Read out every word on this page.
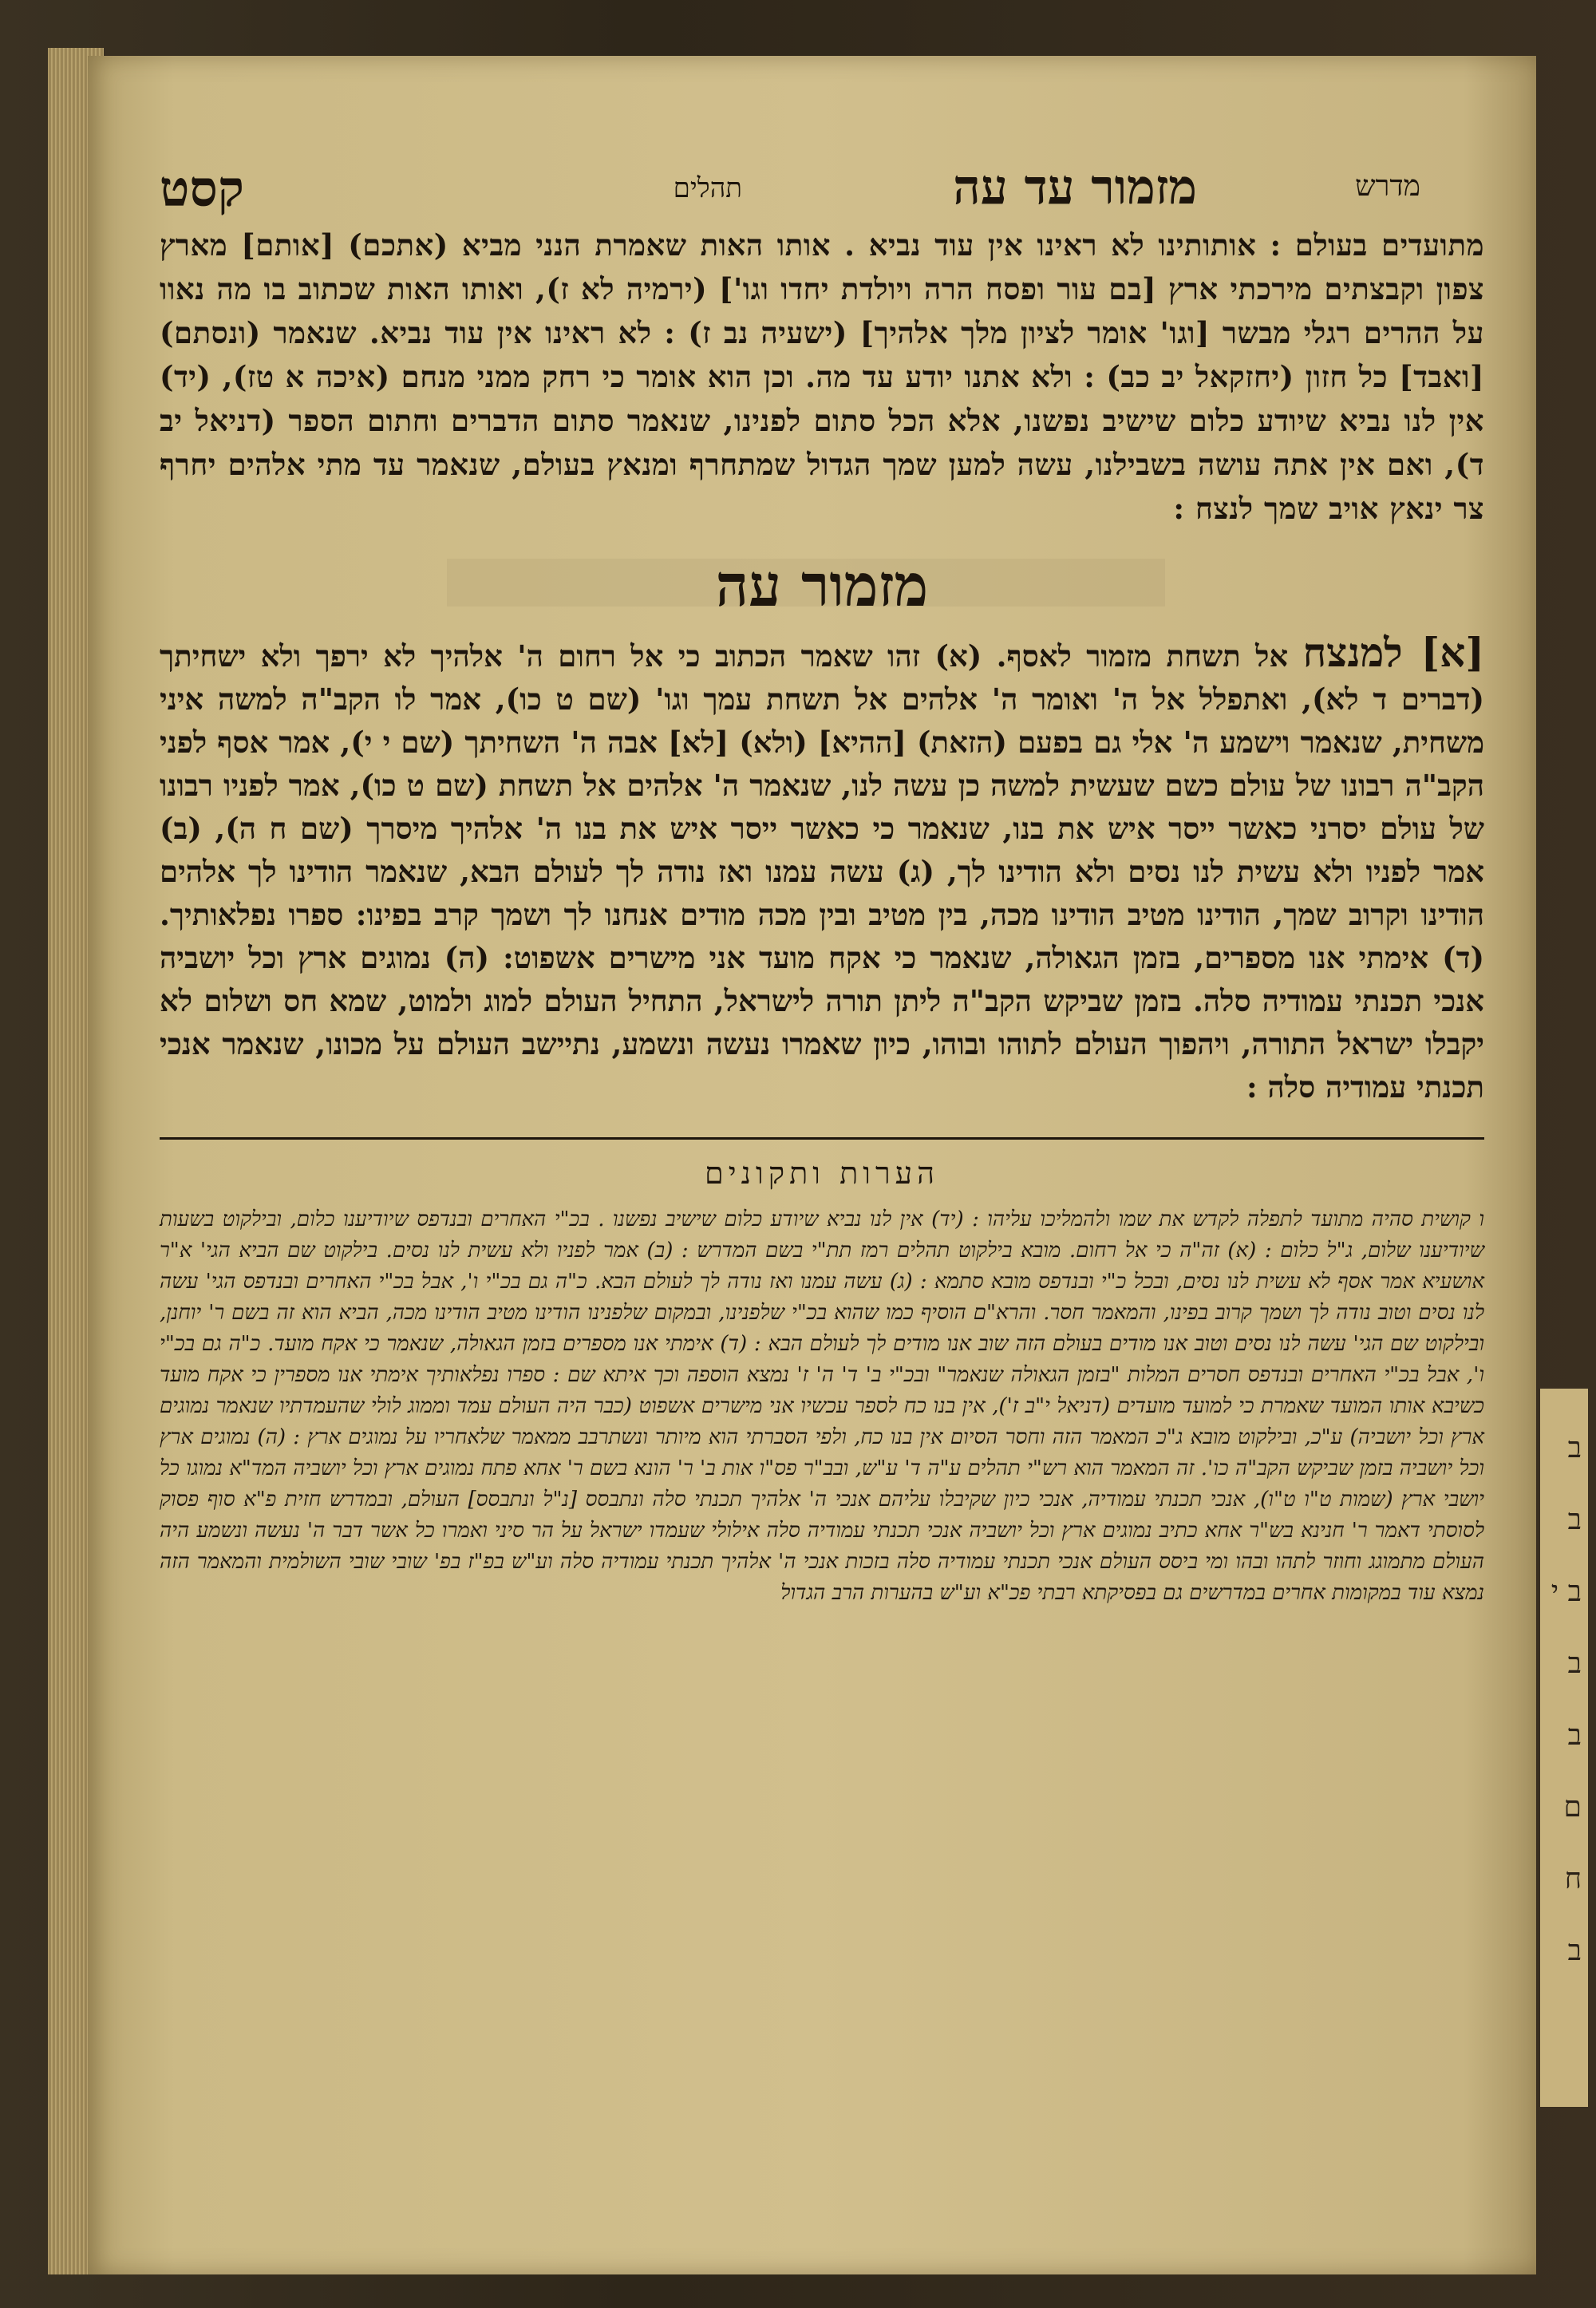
ב ב ב י ב ב ם ח ב
מדרש
מזמור עד עה
תהלים
קסט
מתועדים בעולם : אותותינו לא ראינו אין עוד נביא . אותו האות שאמרת הנני מביא (אתכם) [אותם] מארץ צפון וקבצתים מירכתי ארץ [בם עור ופסח הרה ויולדת יחדו וגו'] (ירמיה לא ז), ואותו האות שכתוב בו מה נאוו על ההרים רגלי מבשר [וגו' אומר לציון מלך אלהיך] (ישעיה נב ז) : לא ראינו אין עוד נביא. שנאמר (ונסתם) [ואבד] כל חזון (יחזקאל יב כב) : ולא אתנו יודע עד מה. וכן הוא אומר כי רחק ממני מנחם (איכה א טז), (יד) אין לנו נביא שיודע כלום שישיב נפשנו, אלא הכל סתום לפנינו, שנאמר סתום הדברים וחתום הספר (דניאל יב ד), ואם אין אתה עושה בשבילנו, עשה למען שמך הגדול שמתחרף ומנאץ בעולם, שנאמר עד מתי אלהים יחרף צר ינאץ אויב שמך לנצח :
מזמור עה
[א] למנצח אל תשחת מזמור לאסף. (א) זהו שאמר הכתוב כי אל רחום ה' אלהיך לא ירפך ולא ישחיתך (דברים ד לא), ואתפלל אל ה' ואומר ה' אלהים אל תשחת עמך וגו' (שם ט כו), אמר לו הקב"ה למשה איני משחית, שנאמר וישמע ה' אלי גם בפעם (הזאת) [ההיא] (ולא) [לא] אבה ה' השחיתך (שם י י), אמר אסף לפני הקב"ה רבונו של עולם כשם שעשית למשה כן עשה לנו, שנאמר ה' אלהים אל תשחת (שם ט כו), אמר לפניו רבונו של עולם יסרני כאשר ייסר איש את בנו, שנאמר כי כאשר ייסר איש את בנו ה' אלהיך מיסרך (שם ח ה), (ב) אמר לפניו ולא עשית לנו נסים ולא הודינו לך, (ג) עשה עמנו ואז נודה לך לעולם הבא, שנאמר הודינו לך אלהים הודינו וקרוב שמך, הודינו מטיב הודינו מכה, בין מטיב ובין מכה מודים אנחנו לך ושמך קרב בפינו: ספרו נפלאותיך. (ד) אימתי אנו מספרים, בזמן הגאולה, שנאמר כי אקח מועד אני מישרים אשפוט: (ה) נמוגים ארץ וכל יושביה אנכי תכנתי עמודיה סלה. בזמן שביקש הקב"ה ליתן תורה לישראל, התחיל העולם למוג ולמוט, שמא חס ושלום לא יקבלו ישראל התורה, ויהפוך העולם לתוהו ובוהו, כיון שאמרו נעשה ונשמע, נתיישב העולם על מכונו, שנאמר אנכי תכנתי עמודיה סלה :
הערות ותקונים
ו קושית סהיה מתועד לתפלה לקדש את שמו ולהמליכו עליהו : (יד) אין לנו נביא שיודע כלום שישיב נפשנו . בכ"י האחרים ובנדפס שיודיענו כלום, ובילקוט בשעות שיודיענו שלום, ג"ל כלום : (א) זה"ה כי אל רחום. מובא בילקוט תהלים רמז תת"י בשם המדרש : (ב) אמר לפניו ולא עשית לנו נסים. בילקוט שם הביא הגי' א"ר אושעיא אמר אסף לא עשית לנו נסים, ובכל כ"י ובנדפס מובא סתמא : (ג) עשה עמנו ואז נודה לך לעולם הבא. כ"ה גם בכ"י ו', אבל בכ"י האחרים ובנדפס הגי' עשה לנו נסים וטוב נודה לך ושמך קרוב בפינו, והמאמר חסר. והרא"ם הוסיף כמו שהוא בכ"י שלפנינו, ובמקום שלפנינו הודינו מטיב הודינו מכה, הביא הוא זה בשם ר' יוחנן, ובילקוט שם הגי' עשה לנו נסים וטוב אנו מודים בעולם הזה שוב אנו מודים לך לעולם הבא : (ד) אימתי אנו מספרים בזמן הגאולה, שנאמר כי אקח מועד. כ"ה גם בכ"י ו', אבל בכ"י האחרים ובנדפס חסרים המלות "בזמן הגאולה שנאמר" ובכ"י ב' ד' ה' ז' נמצא הוספה וכך איתא שם : ספרו נפלאותיך אימתי אנו מספרין כי אקח מועד כשיבא אותו המועד שאמרת כי למועד מועדים (דניאל י"ב ז'), אין בנו כח לספר עכשיו אני מישרים אשפוט (כבר היה העולם עמד וממוג לולי שהעמדתיו שנאמר נמוגים ארץ וכל יושביה) ע"כ, ובילקוט מובא ג"כ המאמר הזה וחסר הסיום אין בנו כח, ולפי הסברתי הוא מיותר ונשתרבב ממאמר שלאחריו על נמוגים ארץ : (ה) נמוגים ארץ וכל יושביה בזמן שביקש הקב"ה כו'. זה המאמר הוא רש"י תהלים ע"ה ד' ע"ש, ובב"ר פס"ו אות ב' ר' הונא בשם ר' אחא פתח נמוגים ארץ וכל יושביה המד"א נמוגו כל יושבי ארץ (שמות ט"ו ט"ו), אנכי תכנתי עמודיה, אנכי כיון שקיבלו עליהם אנכי ה' אלהיך תכנתי סלה ונתבסס [נ"ל ונתבסס] העולם, ובמדרש חזית פ"א סוף פסוק לסוסתי דאמר ר' חנינא בש"ר אחא כתיב נמוגים ארץ וכל יושביה אנכי תכנתי עמודיה סלה אילולי שעמדו ישראל על הר סיני ואמרו כל אשר דבר ה' נעשה ונשמע היה העולם מתמוגג וחוזר לתהו ובהו ומי ביסס העולם אנכי תכנתי עמודיה סלה בזכות אנכי ה' אלהיך תכנתי עמודיה סלה וע"ש בפ"ז בפ' שובי שובי השולמית והמאמר הזה נמצא עוד במקומות אחרים במדרשים גם בפסיקתא רבתי פכ"א וע"ש בהערות הרב הגדול
